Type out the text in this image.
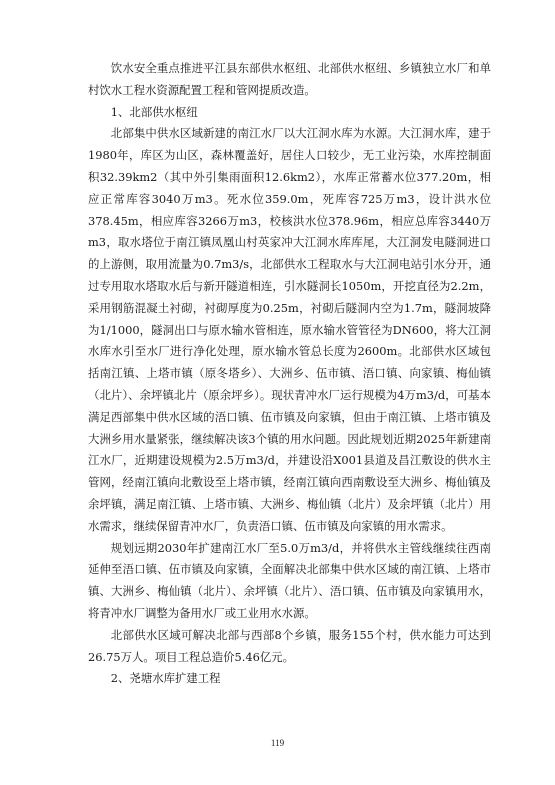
饮水安全重点推进平江县东部供水枢纽、北部供水枢纽、乡镇独立水厂和单村饮水工程水资源配置工程和管网提质改造。

1、北部供水枢纽

北部集中供水区域新建的南江水厂以大江洞水库为水源。大江洞水库，建于1980年，库区为山区，森林覆盖好，居住人口较少，无工业污染，水库控制面积32.39km2（其中外引集雨面积12.6km2），水库正常蓄水位377.20m，相应正常库容3040万m3。死水位359.0m，死库容725万m3，设计洪水位378.45m，相应库容3266万m3，校核洪水位378.96m，相应总库容3440万m3，取水塔位于南江镇凤凰山村英家冲大江洞水库库尾，大江洞发电隧洞进口的上游侧，取用流量为0.7m3/s，北部供水工程取水与大江洞电站引水分开，通过专用取水塔取水后与新开隧道相连，引水隧洞长1050m，开挖直径为2.2m，采用钢筋混凝土衬砌，衬砌厚度为0.25m，衬砌后隧洞内空为1.7m，隧洞坡降为1/1000，隧洞出口与原水输水管相连，原水输水管管径为DN600，将大江洞水库水引至水厂进行净化处理，原水输水管总长度为2600m。北部供水区域包括南江镇、上塔市镇（原冬塔乡）、大洲乡、伍市镇、浯口镇、向家镇、梅仙镇（北片）、余坪镇北片（原余坪乡）。现状青冲水厂运行规模为4万m3/d，可基本满足西部集中供水区域的浯口镇、伍市镇及向家镇，但由于南江镇、上塔市镇及大洲乡用水量紧张，继续解决该3个镇的用水问题。因此规划近期2025年新建南江水厂，近期建设规模为2.5万m3/d，并建设沿X001县道及昌江敷设的供水主管网，经南江镇向北敷设至上塔市镇，经南江镇向西南敷设至大洲乡、梅仙镇及余坪镇，满足南江镇、上塔市镇、大洲乡、梅仙镇（北片）及余坪镇（北片）用水需求，继续保留青冲水厂，负责浯口镇、伍市镇及向家镇的用水需求。

规划远期2030年扩建南江水厂至5.0万m3/d，并将供水主管线继续往西南延伸至浯口镇、伍市镇及向家镇，全面解决北部集中供水区域的南江镇、上塔市镇、大洲乡、梅仙镇（北片）、余坪镇（北片）、浯口镇、伍市镇及向家镇用水，将青冲水厂调整为备用水厂或工业用水水源。

北部供水区域可解决北部与西部8个乡镇，服务155个村，供水能力可达到26.75万人。项目工程总造价5.46亿元。

2、尧塘水库扩建工程

119
